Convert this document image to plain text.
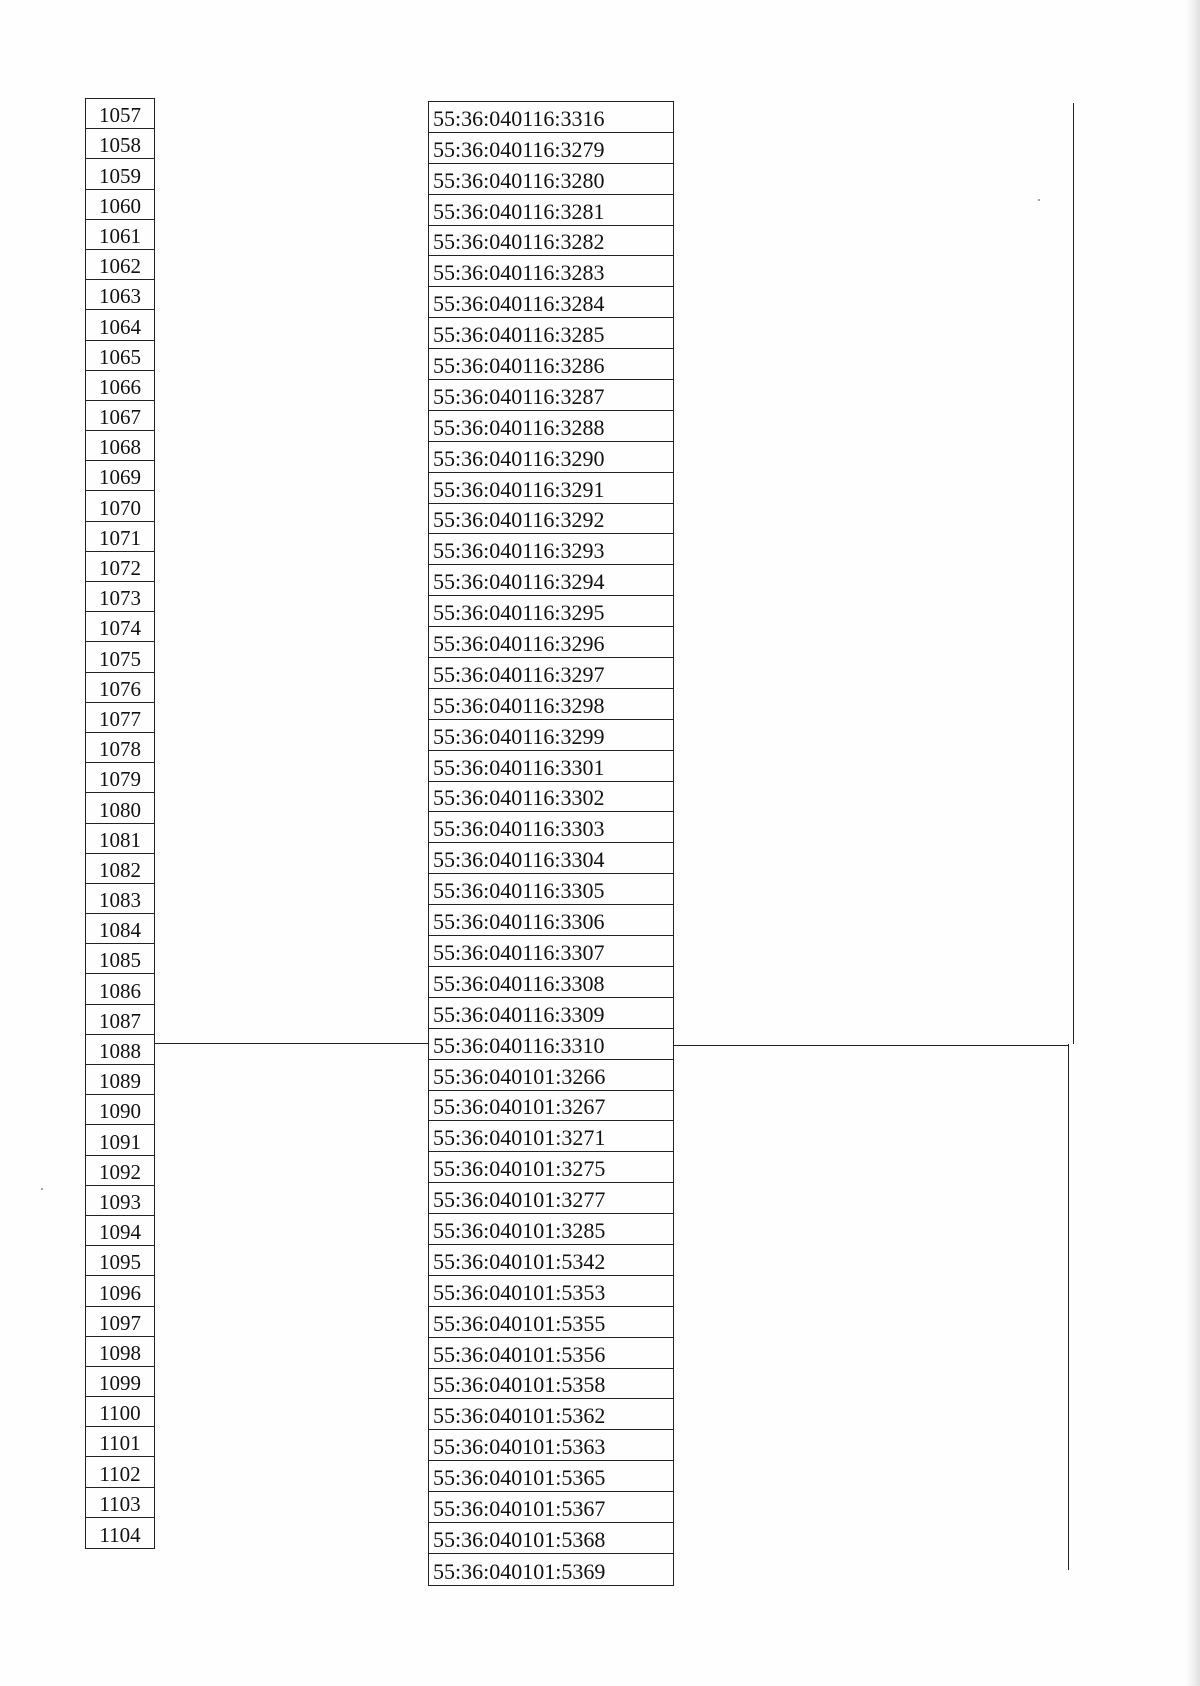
1057
1058
1059
1060
1061
1062
1063
1064
1065
1066
1067
1068
1069
1070
1071
1072
1073
1074
1075
1076
1077
1078
1079
1080
1081
1082
1083
1084
1085
1086
1087
1088
1089
1090
1091
1092
1093
1094
1095
1096
1097
1098
1099
1100
1101
1102
1103
1104
55:36:040116:3316
55:36:040116:3279
55:36:040116:3280
55:36:040116:3281
55:36:040116:3282
55:36:040116:3283
55:36:040116:3284
55:36:040116:3285
55:36:040116:3286
55:36:040116:3287
55:36:040116:3288
55:36:040116:3290
55:36:040116:3291
55:36:040116:3292
55:36:040116:3293
55:36:040116:3294
55:36:040116:3295
55:36:040116:3296
55:36:040116:3297
55:36:040116:3298
55:36:040116:3299
55:36:040116:3301
55:36:040116:3302
55:36:040116:3303
55:36:040116:3304
55:36:040116:3305
55:36:040116:3306
55:36:040116:3307
55:36:040116:3308
55:36:040116:3309
55:36:040116:3310
55:36:040101:3266
55:36:040101:3267
55:36:040101:3271
55:36:040101:3275
55:36:040101:3277
55:36:040101:3285
55:36:040101:5342
55:36:040101:5353
55:36:040101:5355
55:36:040101:5356
55:36:040101:5358
55:36:040101:5362
55:36:040101:5363
55:36:040101:5365
55:36:040101:5367
55:36:040101:5368
55:36:040101:5369
